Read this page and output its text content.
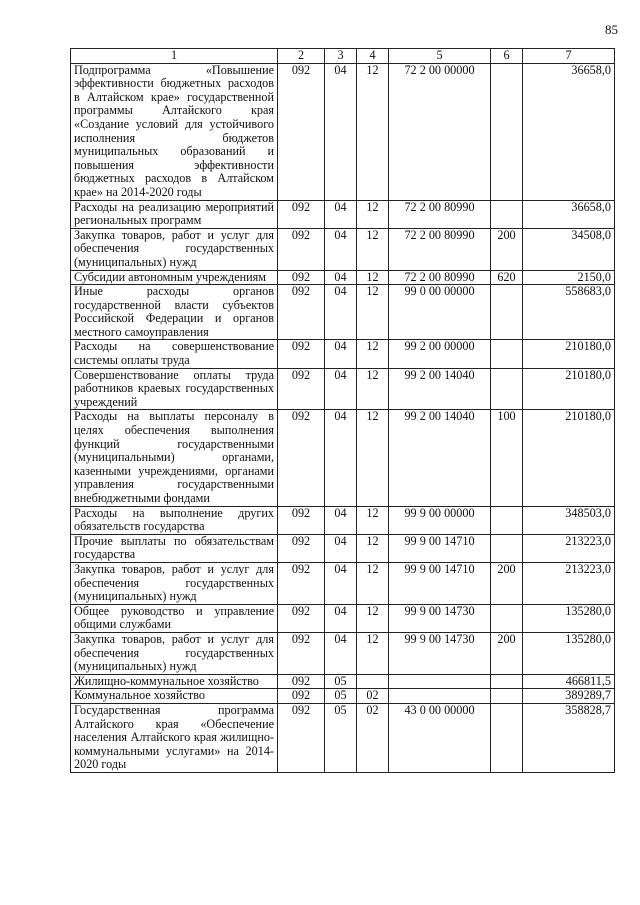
85
1	2	3	4	5	6	7
Подпрограмма «Повышение эффективности бюджетных расходов в Алтайском крае» государственной программы Алтайского края «Создание условий для устойчивого исполнения бюджетов муниципальных образований и повышения эффективности бюджетных расходов в Алтайском крае» на 2014-2020 годы	092	04	12	72 2 00 00000		36658,0
Расходы на реализацию мероприятий региональных программ	092	04	12	72 2 00 80990		36658,0
Закупка товаров, работ и услуг для обеспечения государственных (муниципальных) нужд	092	04	12	72 2 00 80990	200	34508,0
Субсидии автономным учреждениям	092	04	12	72 2 00 80990	620	2150,0
Иные расходы органов государственной власти субъектов Российской Федерации и органов местного самоуправления	092	04	12	99 0 00 00000		558683,0
Расходы на совершенствование системы оплаты труда	092	04	12	99 2 00 00000		210180,0
Совершенствование оплаты труда работников краевых государственных учреждений	092	04	12	99 2 00 14040		210180,0
Расходы на выплаты персоналу в целях обеспечения выполнения функций государственными (муниципальными) органами, казенными учреждениями, органами управления государственными внебюджетными фондами	092	04	12	99 2 00 14040	100	210180,0
Расходы на выполнение других обязательств государства	092	04	12	99 9 00 00000		348503,0
Прочие выплаты по обязательствам государства	092	04	12	99 9 00 14710		213223,0
Закупка товаров, работ и услуг для обеспечения государственных (муниципальных) нужд	092	04	12	99 9 00 14710	200	213223,0
Общее руководство и управление общими службами	092	04	12	99 9 00 14730		135280,0
Закупка товаров, работ и услуг для обеспечения государственных (муниципальных) нужд	092	04	12	99 9 00 14730	200	135280,0
Жилищно-коммунальное хозяйство	092	05				466811,5
Коммунальное хозяйство	092	05	02			389289,7
Государственная программа Алтайского края «Обеспечение населения Алтайского края жилищно-коммунальными услугами» на 2014-2020 годы	092	05	02	43 0 00 00000		358828,7
